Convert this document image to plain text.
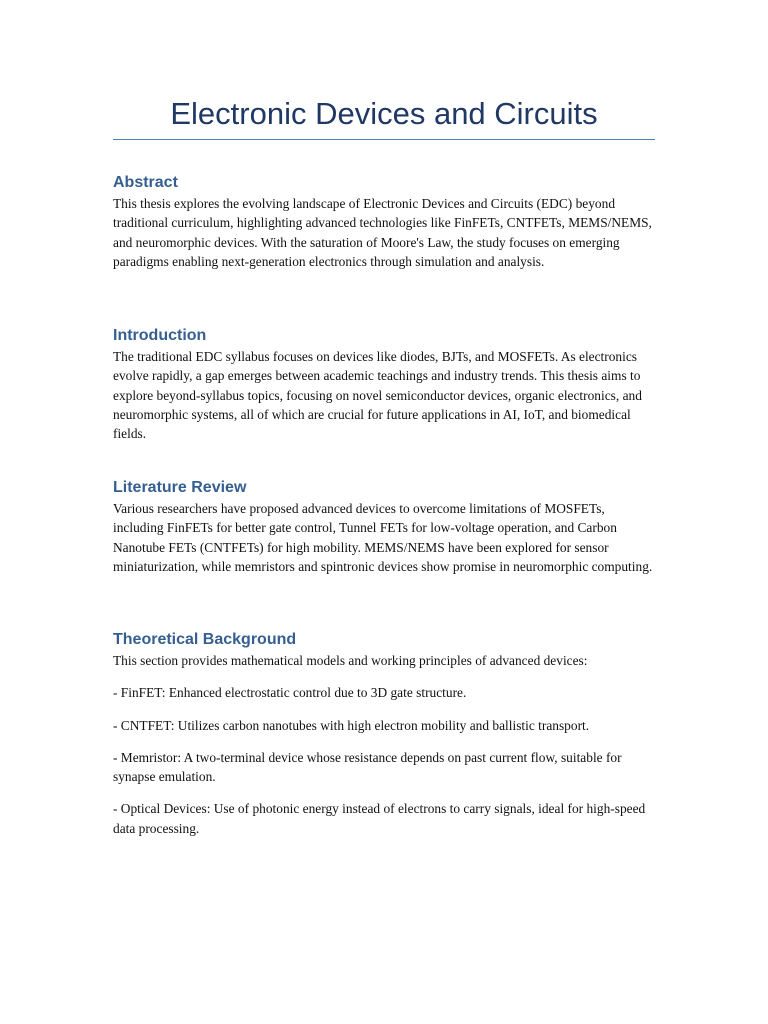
Electronic Devices and Circuits
Abstract

This thesis explores the evolving landscape of Electronic Devices and Circuits (EDC) beyond traditional curriculum, highlighting advanced technologies like FinFETs, CNTFETs, MEMS/NEMS, and neuromorphic devices. With the saturation of Moore's Law, the study focuses on emerging paradigms enabling next-generation electronics through simulation and analysis.

Introduction

The traditional EDC syllabus focuses on devices like diodes, BJTs, and MOSFETs. As electronics evolve rapidly, a gap emerges between academic teachings and industry trends. This thesis aims to explore beyond-syllabus topics, focusing on novel semiconductor devices, organic electronics, and neuromorphic systems, all of which are crucial for future applications in AI, IoT, and biomedical fields.

Literature Review

Various researchers have proposed advanced devices to overcome limitations of MOSFETs, including FinFETs for better gate control, Tunnel FETs for low-voltage operation, and Carbon Nanotube FETs (CNTFETs) for high mobility. MEMS/NEMS have been explored for sensor miniaturization, while memristors and spintronic devices show promise in neuromorphic computing.

Theoretical Background

This section provides mathematical models and working principles of advanced devices:

- FinFET: Enhanced electrostatic control due to 3D gate structure.

- CNTFET: Utilizes carbon nanotubes with high electron mobility and ballistic transport.

- Memristor: A two-terminal device whose resistance depends on past current flow, suitable for synapse emulation.

- Optical Devices: Use of photonic energy instead of electrons to carry signals, ideal for high-speed data processing.
